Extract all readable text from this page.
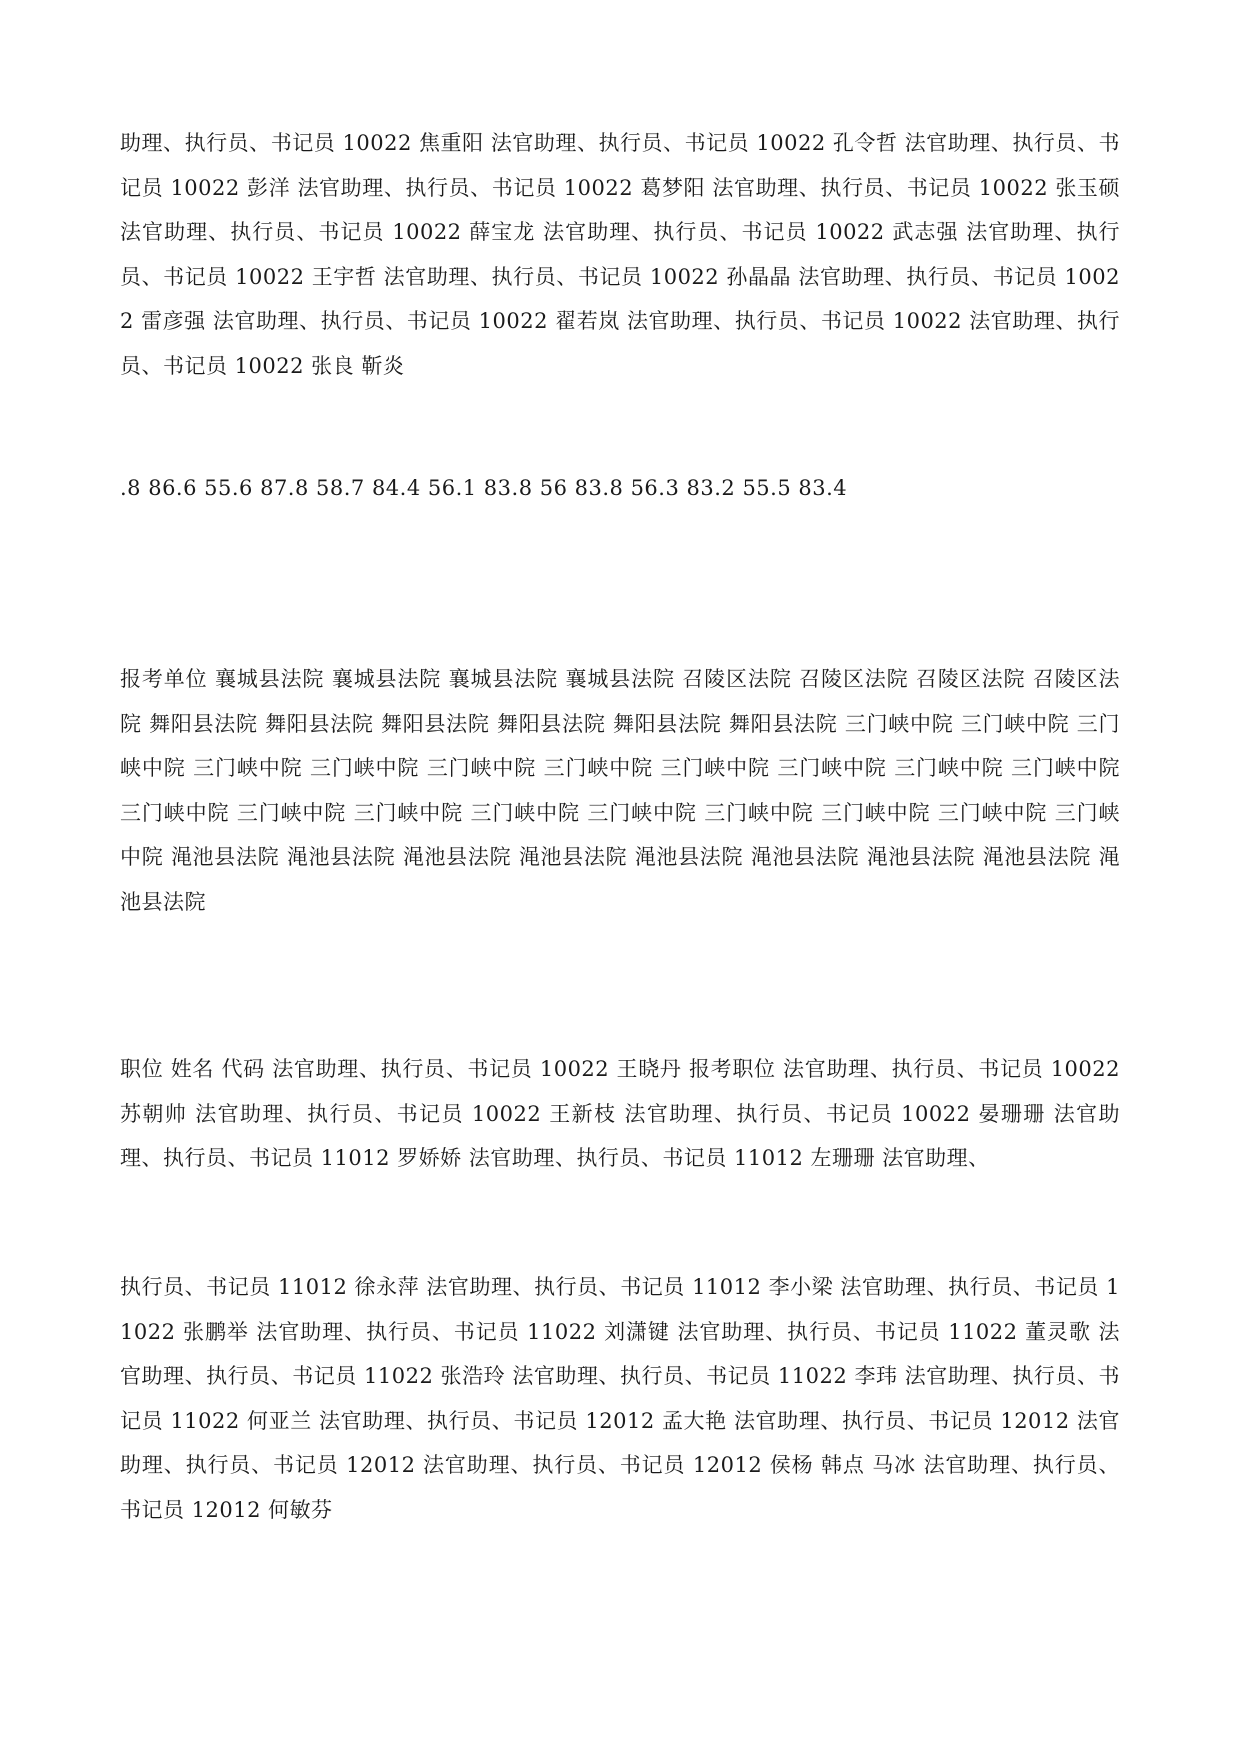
助理、执行员、书记员 10022 焦重阳 法官助理、执行员、书记员 10022 孔令哲 法官助理、执行员、书记员 10022 彭洋 法官助理、执行员、书记员 10022 葛梦阳 法官助理、执行员、书记员 10022 张玉硕 法官助理、执行员、书记员 10022 薛宝龙 法官助理、执行员、书记员 10022 武志强 法官助理、执行员、书记员 10022 王宇哲 法官助理、执行员、书记员 10022 孙晶晶 法官助理、执行员、书记员 10022 雷彦强 法官助理、执行员、书记员 10022 翟若岚 法官助理、执行员、书记员 10022 法官助理、执行员、书记员 10022 张良 靳炎

.8 86.6 55.6 87.8 58.7 84.4 56.1 83.8 56 83.8 56.3 83.2 55.5 83.4

报考单位 襄城县法院 襄城县法院 襄城县法院 襄城县法院 召陵区法院 召陵区法院 召陵区法院 召陵区法院 舞阳县法院 舞阳县法院 舞阳县法院 舞阳县法院 舞阳县法院 舞阳县法院 三门峡中院 三门峡中院 三门峡中院 三门峡中院 三门峡中院 三门峡中院 三门峡中院 三门峡中院 三门峡中院 三门峡中院 三门峡中院 三门峡中院 三门峡中院 三门峡中院 三门峡中院 三门峡中院 三门峡中院 三门峡中院 三门峡中院 三门峡中院 渑池县法院 渑池县法院 渑池县法院 渑池县法院 渑池县法院 渑池县法院 渑池县法院 渑池县法院 渑池县法院

职位 姓名 代码 法官助理、执行员、书记员 10022 王晓丹 报考职位 法官助理、执行员、书记员 10022 苏朝帅 法官助理、执行员、书记员 10022 王新枝 法官助理、执行员、书记员 10022 晏珊珊 法官助理、执行员、书记员 11012 罗娇娇 法官助理、执行员、书记员 11012 左珊珊 法官助理、

执行员、书记员 11012 徐永萍 法官助理、执行员、书记员 11012 李小梁 法官助理、执行员、书记员 11022 张鹏举 法官助理、执行员、书记员 11022 刘潇键 法官助理、执行员、书记员 11022 董灵歌 法官助理、执行员、书记员 11022 张浩玲 法官助理、执行员、书记员 11022 李玮 法官助理、执行员、书记员 11022 何亚兰 法官助理、执行员、书记员 12012 孟大艳 法官助理、执行员、书记员 12012 法官助理、执行员、书记员 12012 法官助理、执行员、书记员 12012 侯杨 韩点 马冰 法官助理、执行员、书记员 12012 何敏芬
